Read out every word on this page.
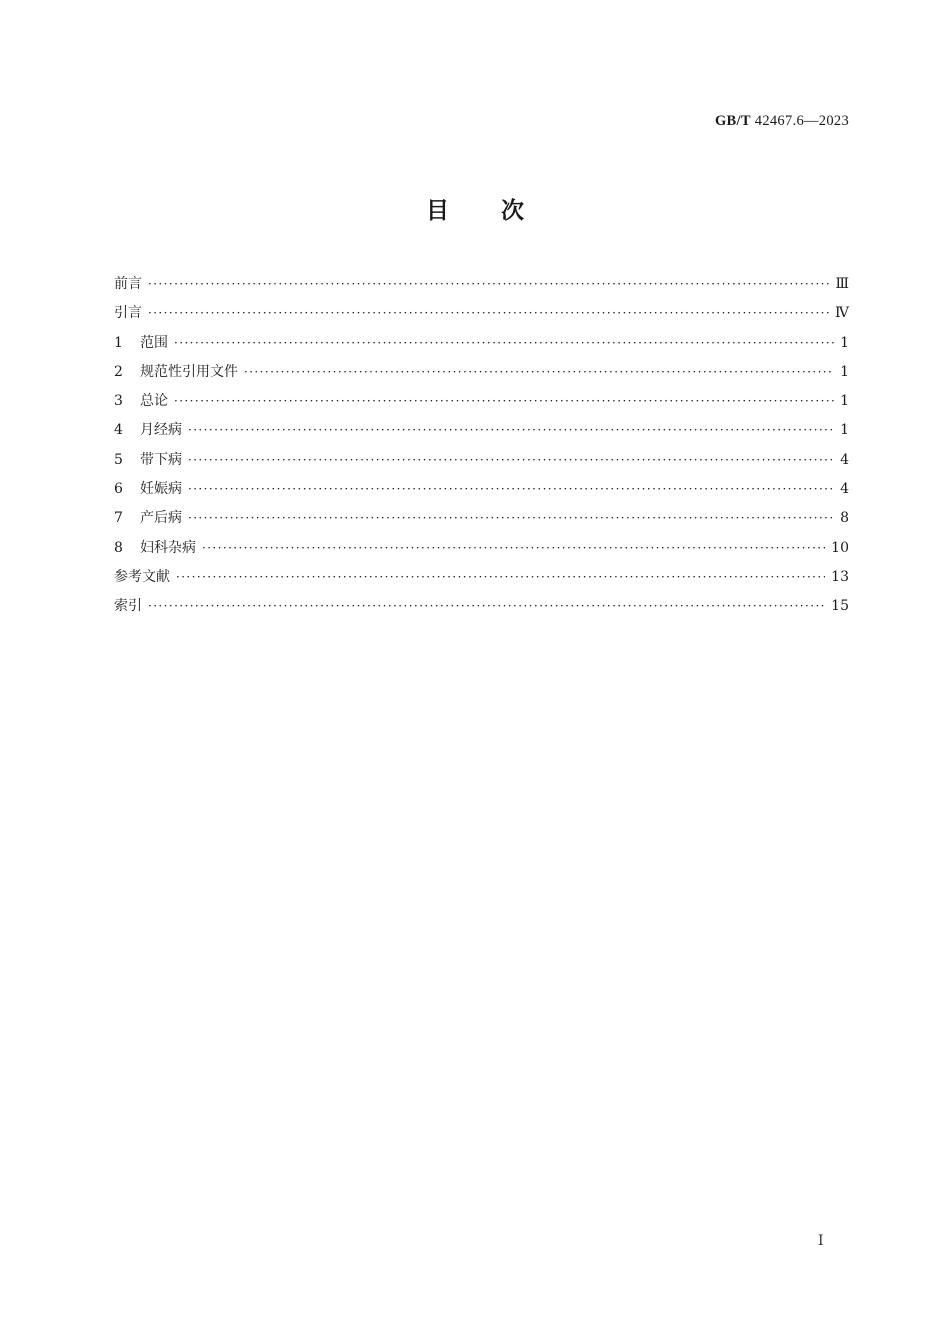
GB/T 42467.6—2023
目次
前言 ·····	Ⅲ
引言 ·····	Ⅳ
1	范围 ·····	1
2	规范性引用文件 ·····	1
3	总论 ·····	1
4	月经病 ·····	1
5	带下病 ·····	4
6	妊娠病 ·····	4
7	产后病 ·····	8
8	妇科杂病 ·····	10
参考文献 ·····	13
索引 ·····	15
Ⅰ
